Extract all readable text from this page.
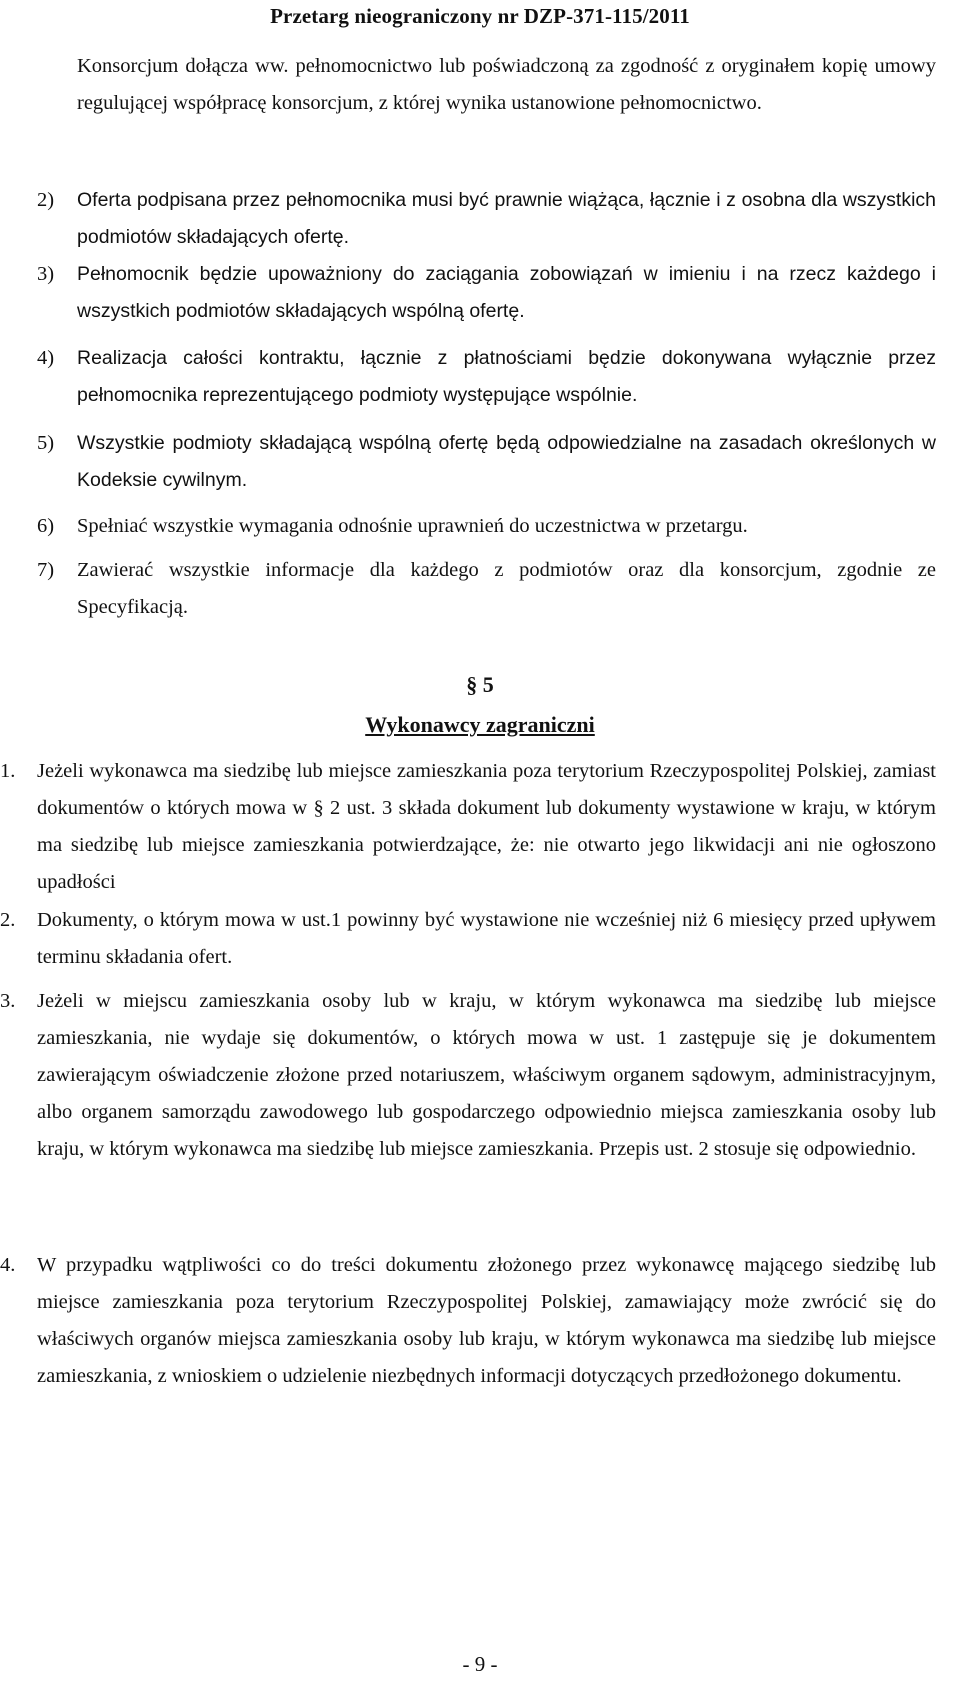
Przetarg nieograniczony nr DZP-371-115/2011
Konsorcjum dołącza ww. pełnomocnictwo lub poświadczoną za zgodność z oryginałem kopię umowy regulującej współpracę konsorcjum, z której wynika ustanowione pełnomocnictwo.
2) Oferta podpisana przez pełnomocnika musi być prawnie wiążąca, łącznie i z osobna dla wszystkich podmiotów składających ofertę.
3) Pełnomocnik będzie upoważniony do zaciągania zobowiązań w imieniu i na rzecz każdego i wszystkich podmiotów składających wspólną ofertę.
4) Realizacja całości kontraktu, łącznie z płatnościami będzie dokonywana wyłącznie przez pełnomocnika reprezentującego podmioty występujące wspólnie.
5) Wszystkie podmioty składającą wspólną ofertę będą odpowiedzialne na zasadach określonych w Kodeksie cywilnym.
6) Spełniać wszystkie wymagania odnośnie uprawnień do uczestnictwa w przetargu.
7) Zawierać wszystkie informacje dla każdego z podmiotów oraz dla konsorcjum, zgodnie ze Specyfikacją.
§ 5
Wykonawcy zagraniczni
1. Jeżeli wykonawca ma siedzibę lub miejsce zamieszkania poza terytorium Rzeczypospolitej Polskiej, zamiast dokumentów o których mowa w § 2 ust. 3 składa dokument lub dokumenty wystawione w kraju, w którym ma siedzibę lub miejsce zamieszkania potwierdzające, że: nie otwarto jego likwidacji ani nie ogłoszono upadłości
2. Dokumenty, o którym mowa w ust.1 powinny być wystawione nie wcześniej niż 6 miesięcy przed upływem terminu składania ofert.
3. Jeżeli w miejscu zamieszkania osoby lub w kraju, w którym wykonawca ma siedzibę lub miejsce zamieszkania, nie wydaje się dokumentów, o których mowa w ust. 1 zastępuje się je dokumentem zawierającym oświadczenie złożone przed notariuszem, właściwym organem sądowym, administracyjnym, albo organem samorządu zawodowego lub gospodarczego odpowiednio miejsca zamieszkania osoby lub kraju, w którym wykonawca ma siedzibę lub miejsce zamieszkania. Przepis ust. 2 stosuje się odpowiednio.
4. W przypadku wątpliwości co do treści dokumentu złożonego przez wykonawcę mającego siedzibę lub miejsce zamieszkania poza terytorium Rzeczypospolitej Polskiej, zamawiający może zwrócić się do właściwych organów miejsca zamieszkania osoby lub kraju, w którym wykonawca ma siedzibę lub miejsce zamieszkania, z wnioskiem o udzielenie niezbędnych informacji dotyczących przedłożonego dokumentu.
- 9 -
